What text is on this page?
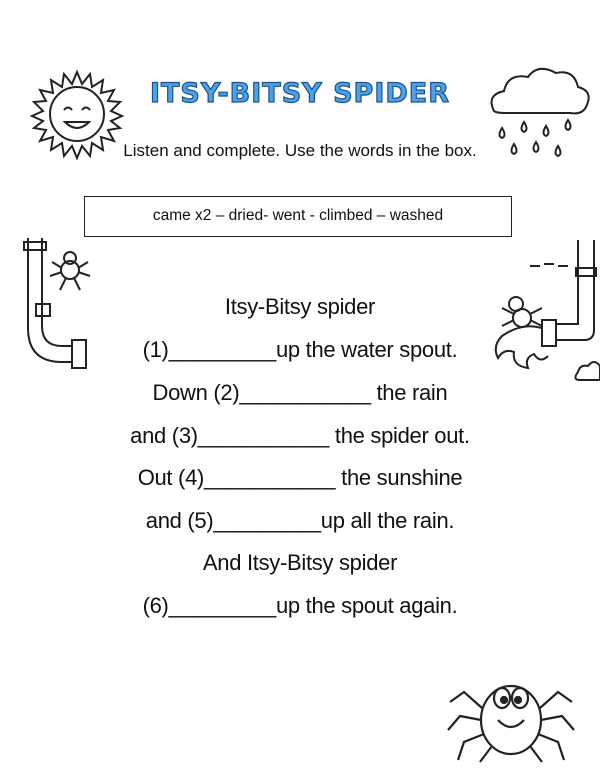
ITSY-BITSY SPIDER
Listen and complete. Use the words in the box.
came x2 – dried- went - climbed – washed
Itsy-Bitsy spider
(1)_________up the water spout.
Down (2)___________ the rain
and (3)___________ the spider out.
Out (4)___________ the sunshine
and (5)_________up all the rain.
And Itsy-Bitsy spider
(6)_________up the spout again.
